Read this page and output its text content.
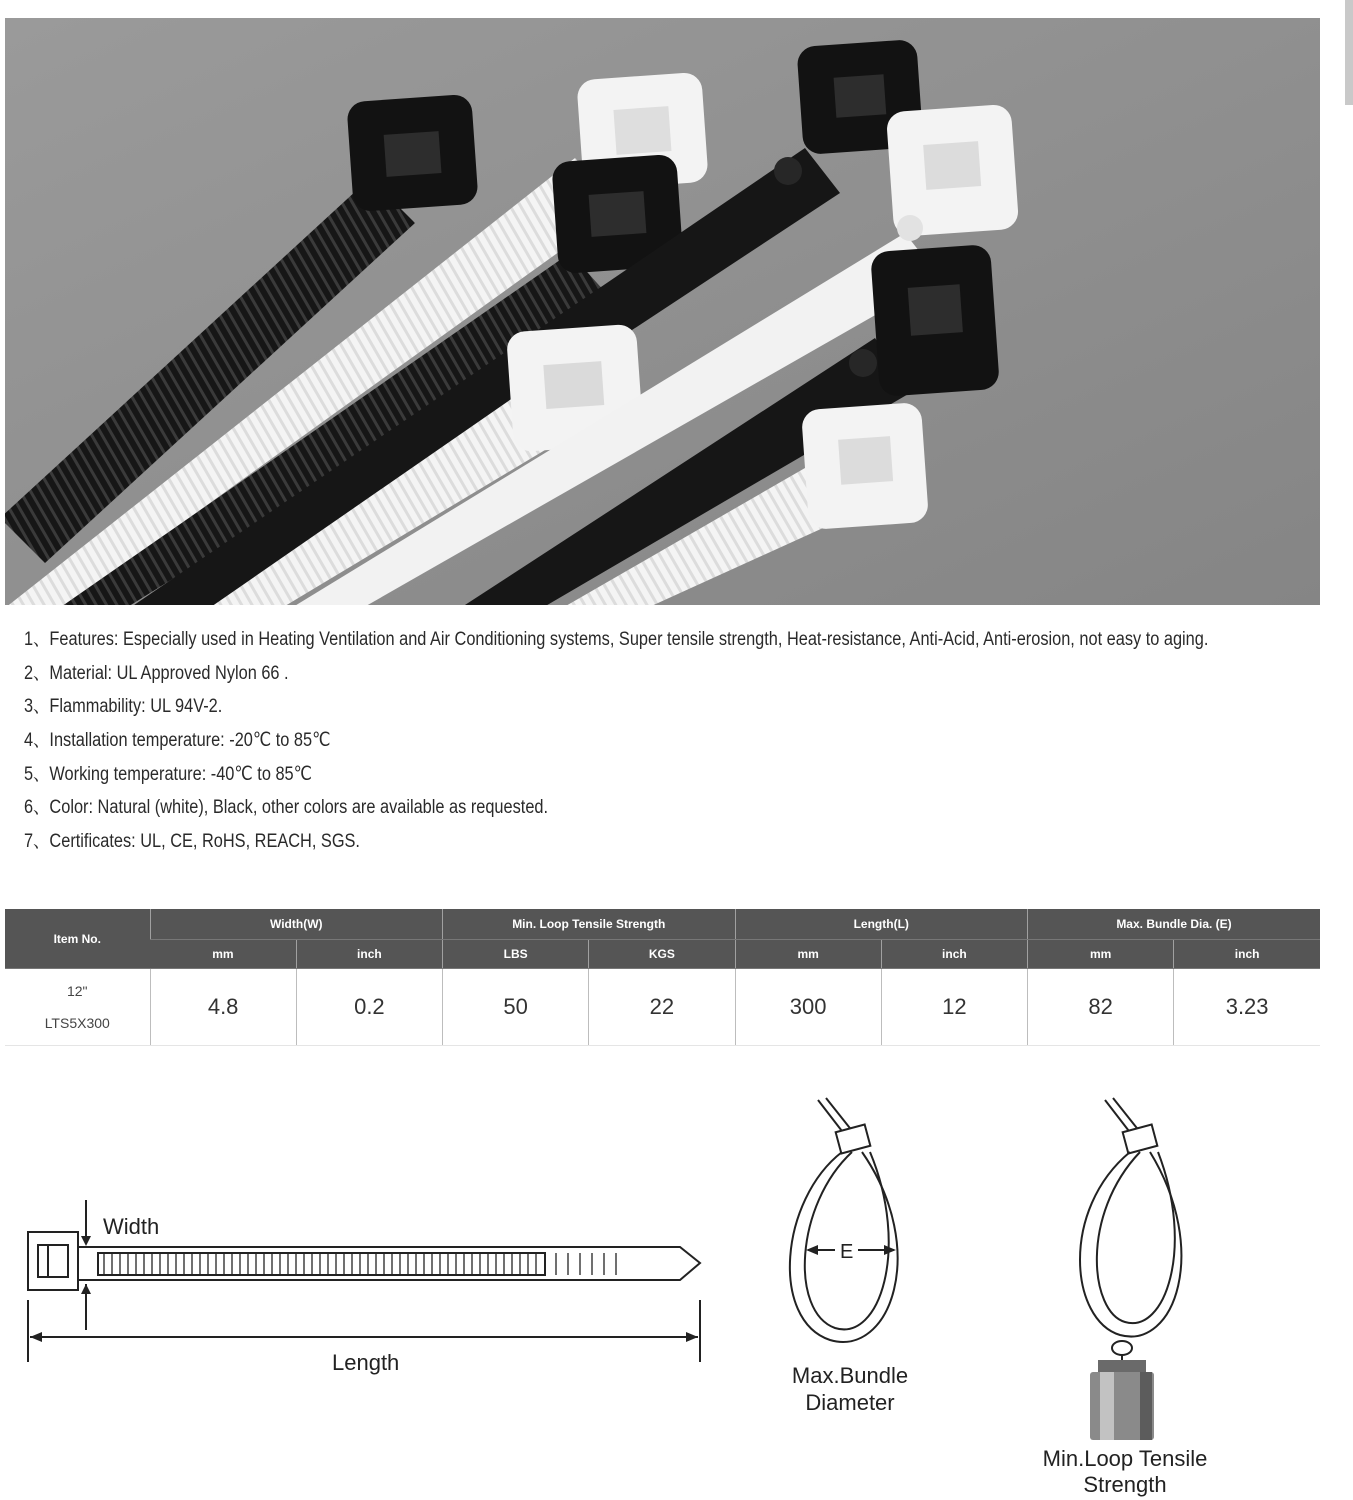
1、Features: Especially used in Heating Ventilation and Air Conditioning systems, Super tensile strength, Heat-resistance, Anti-Acid, Anti-erosion, not easy to aging.
2、Material: UL Approved Nylon 66 .
3、Flammability: UL 94V-2.
4、Installation temperature: -20℃ to 85℃
5、Working temperature: -40℃ to 85℃
6、Color: Natural (white), Black, other colors are available as requested.
7、Certificates: UL, CE, RoHS, REACH, SGS.
Item No.	Width(W)		Min. Loop Tensile Strength		Length(L)		Max. Bundle Dia. (E)	
	mm	inch	LBS	KGS	mm	inch	mm	inch

12"
LTS5X300	4.8	0.2	50	22	300	12	82	3.23
Width
Length
E
Max.Bundle
Diameter
Min.Loop Tensile
Strength
